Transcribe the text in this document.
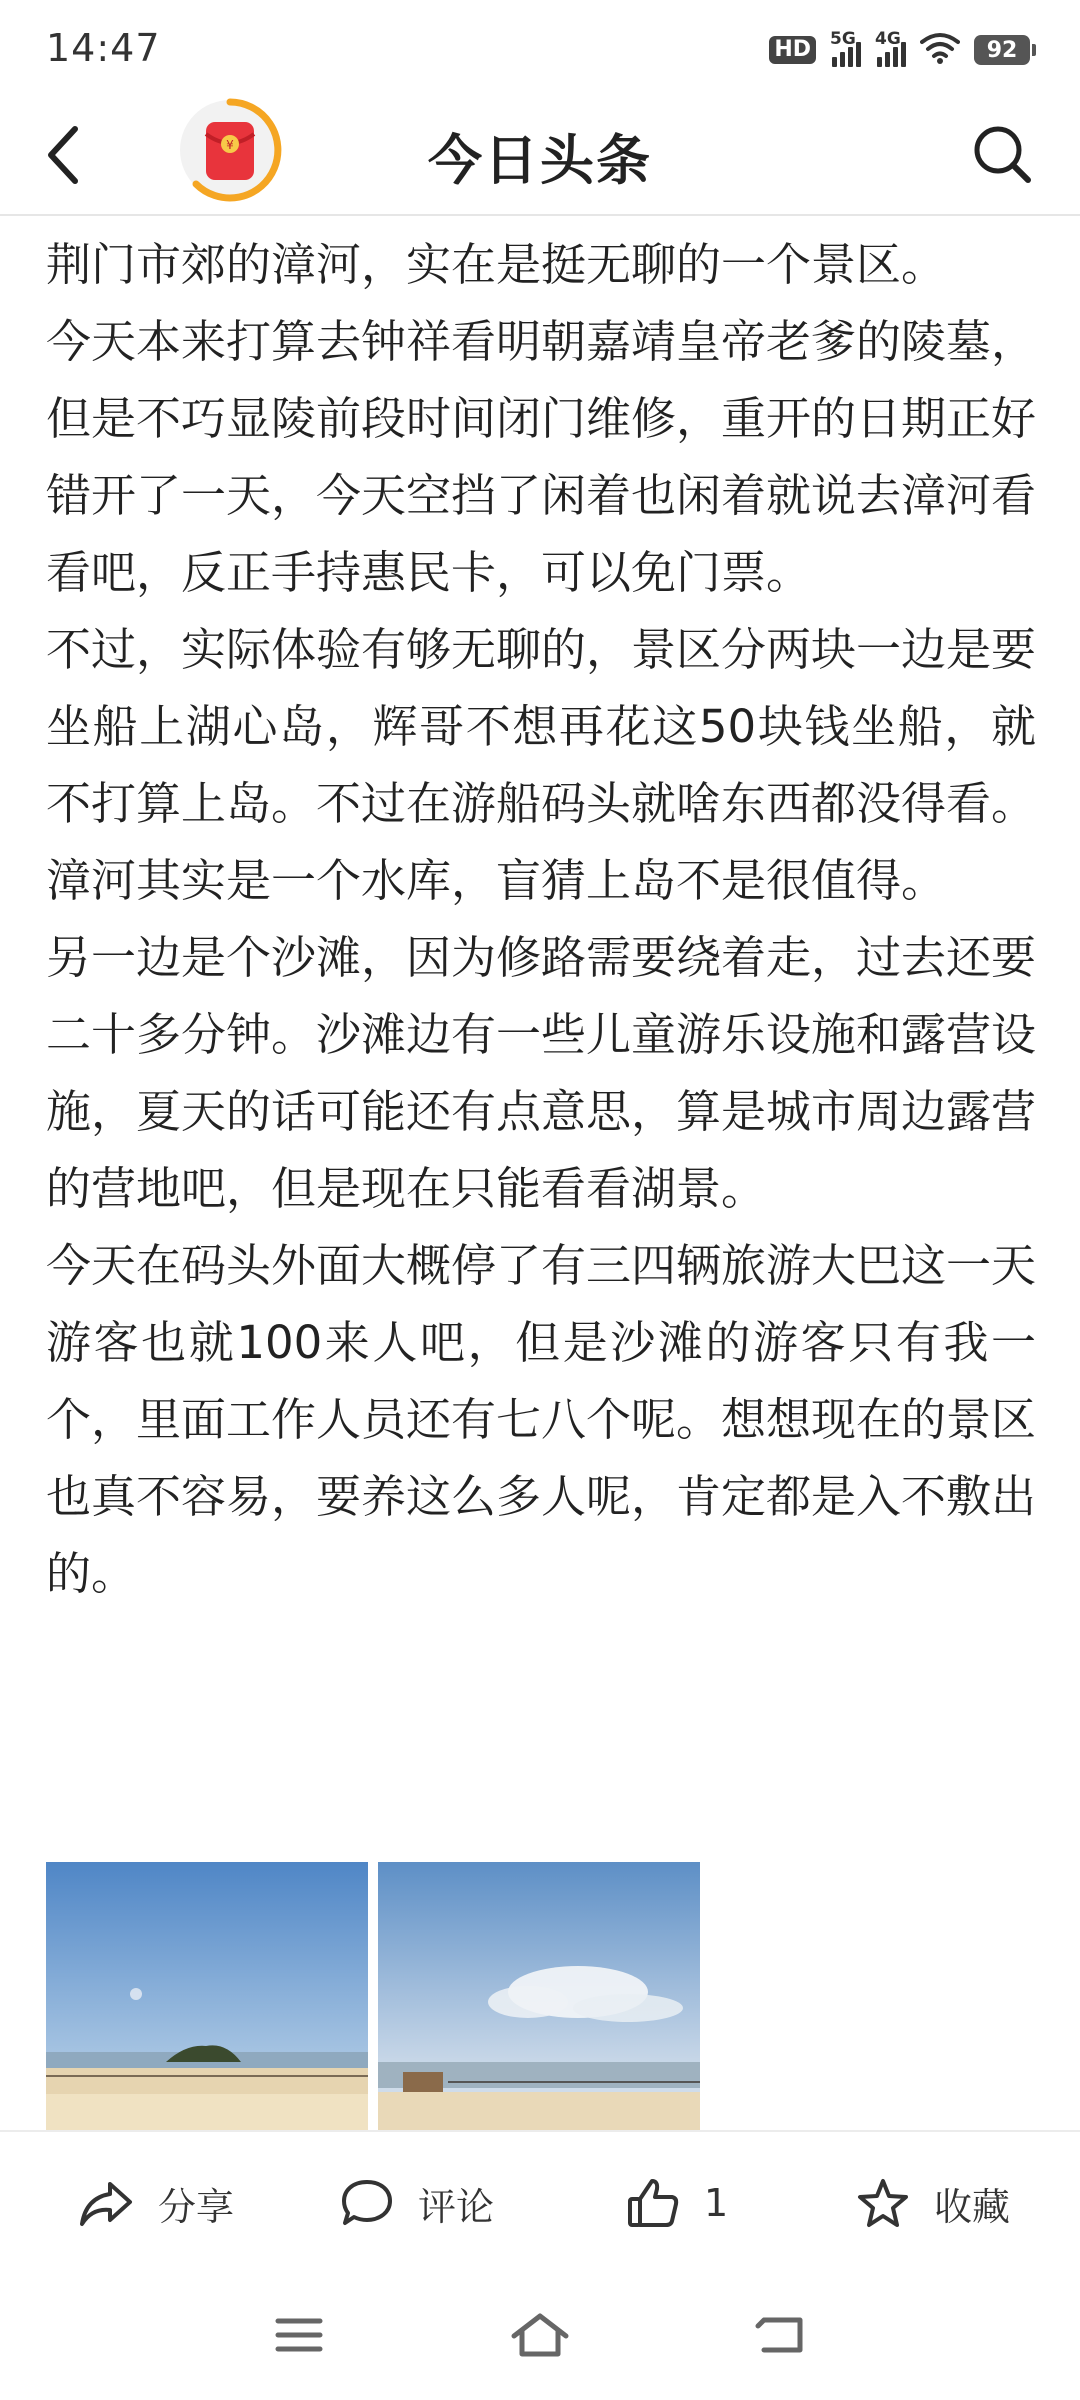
14:47	HD 5G 4G	92
¥	今日头条

荆门市郊的漳河，实在是挺无聊的一个景区。

今天本来打算去钟祥看明朝嘉靖皇帝老爹的陵墓，但是不巧显陵前段时间闭门维修，重开的日期正好错开了一天，今天空挡了闲着也闲着就说去漳河看看吧，反正手持惠民卡，可以免门票。

不过，实际体验有够无聊的，景区分两块一边是要坐船上湖心岛，辉哥不想再花这50块钱坐船，就不打算上岛。不过在游船码头就啥东西都没得看。漳河其实是一个水库，盲猜上岛不是很值得。

另一边是个沙滩，因为修路需要绕着走，过去还要二十多分钟。沙滩边有一些儿童游乐设施和露营设施，夏天的话可能还有点意思，算是城市周边露营的营地吧，但是现在只能看看湖景。

今天在码头外面大概停了有三四辆旅游大巴这一天游客也就100来人吧，但是沙滩的游客只有我一个，里面工作人员还有七八个呢。想想现在的景区也真不容易，要养这么多人呢，肯定都是入不敷出的。

分享	评论	1	收藏
